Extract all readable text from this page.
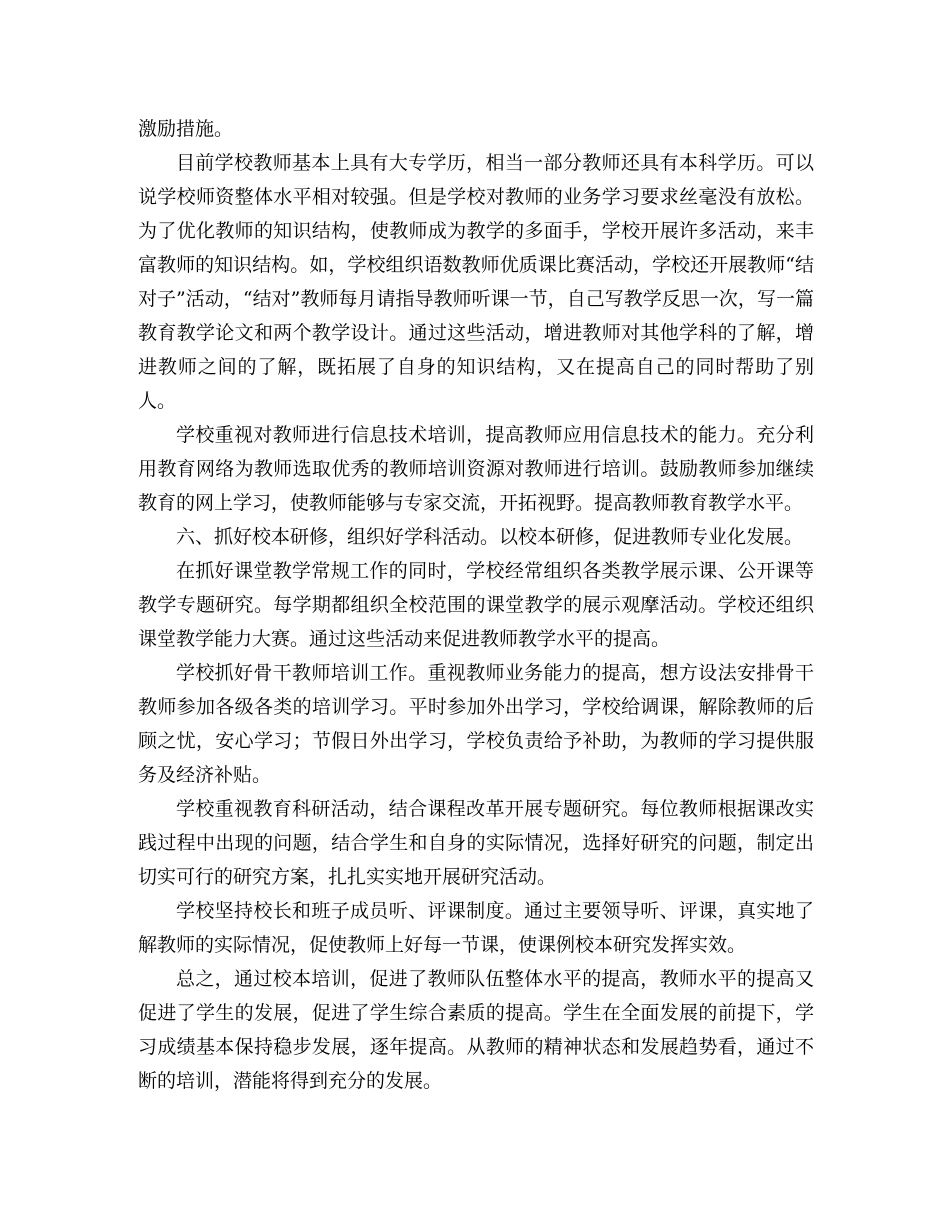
激励措施。

目前学校教师基本上具有大专学历，相当一部分教师还具有本科学历。可以说学校师资整体水平相对较强。但是学校对教师的业务学习要求丝毫没有放松。为了优化教师的知识结构，使教师成为教学的多面手，学校开展许多活动，来丰富教师的知识结构。如，学校组织语数教师优质课比赛活动，学校还开展教师“结对子”活动，“结对”教师每月请指导教师听课一节，自己写教学反思一次，写一篇教育教学论文和两个教学设计。通过这些活动，增进教师对其他学科的了解，增进教师之间的了解，既拓展了自身的知识结构，又在提高自己的同时帮助了别人。

学校重视对教师进行信息技术培训，提高教师应用信息技术的能力。充分利用教育网络为教师选取优秀的教师培训资源对教师进行培训。鼓励教师参加继续教育的网上学习，使教师能够与专家交流，开拓视野。提高教师教育教学水平。

六、抓好校本研修，组织好学科活动。以校本研修，促进教师专业化发展。

在抓好课堂教学常规工作的同时，学校经常组织各类教学展示课、公开课等教学专题研究。每学期都组织全校范围的课堂教学的展示观摩活动。学校还组织课堂教学能力大赛。通过这些活动来促进教师教学水平的提高。

学校抓好骨干教师培训工作。重视教师业务能力的提高，想方设法安排骨干教师参加各级各类的培训学习。平时参加外出学习，学校给调课，解除教师的后顾之忧，安心学习；节假日外出学习，学校负责给予补助，为教师的学习提供服务及经济补贴。

学校重视教育科研活动，结合课程改革开展专题研究。每位教师根据课改实践过程中出现的问题，结合学生和自身的实际情况，选择好研究的问题，制定出切实可行的研究方案，扎扎实实地开展研究活动。

学校坚持校长和班子成员听、评课制度。通过主要领导听、评课，真实地了解教师的实际情况，促使教师上好每一节课，使课例校本研究发挥实效。

总之，通过校本培训，促进了教师队伍整体水平的提高，教师水平的提高又促进了学生的发展，促进了学生综合素质的提高。学生在全面发展的前提下，学习成绩基本保持稳步发展，逐年提高。从教师的精神状态和发展趋势看，通过不断的培训，潜能将得到充分的发展。
